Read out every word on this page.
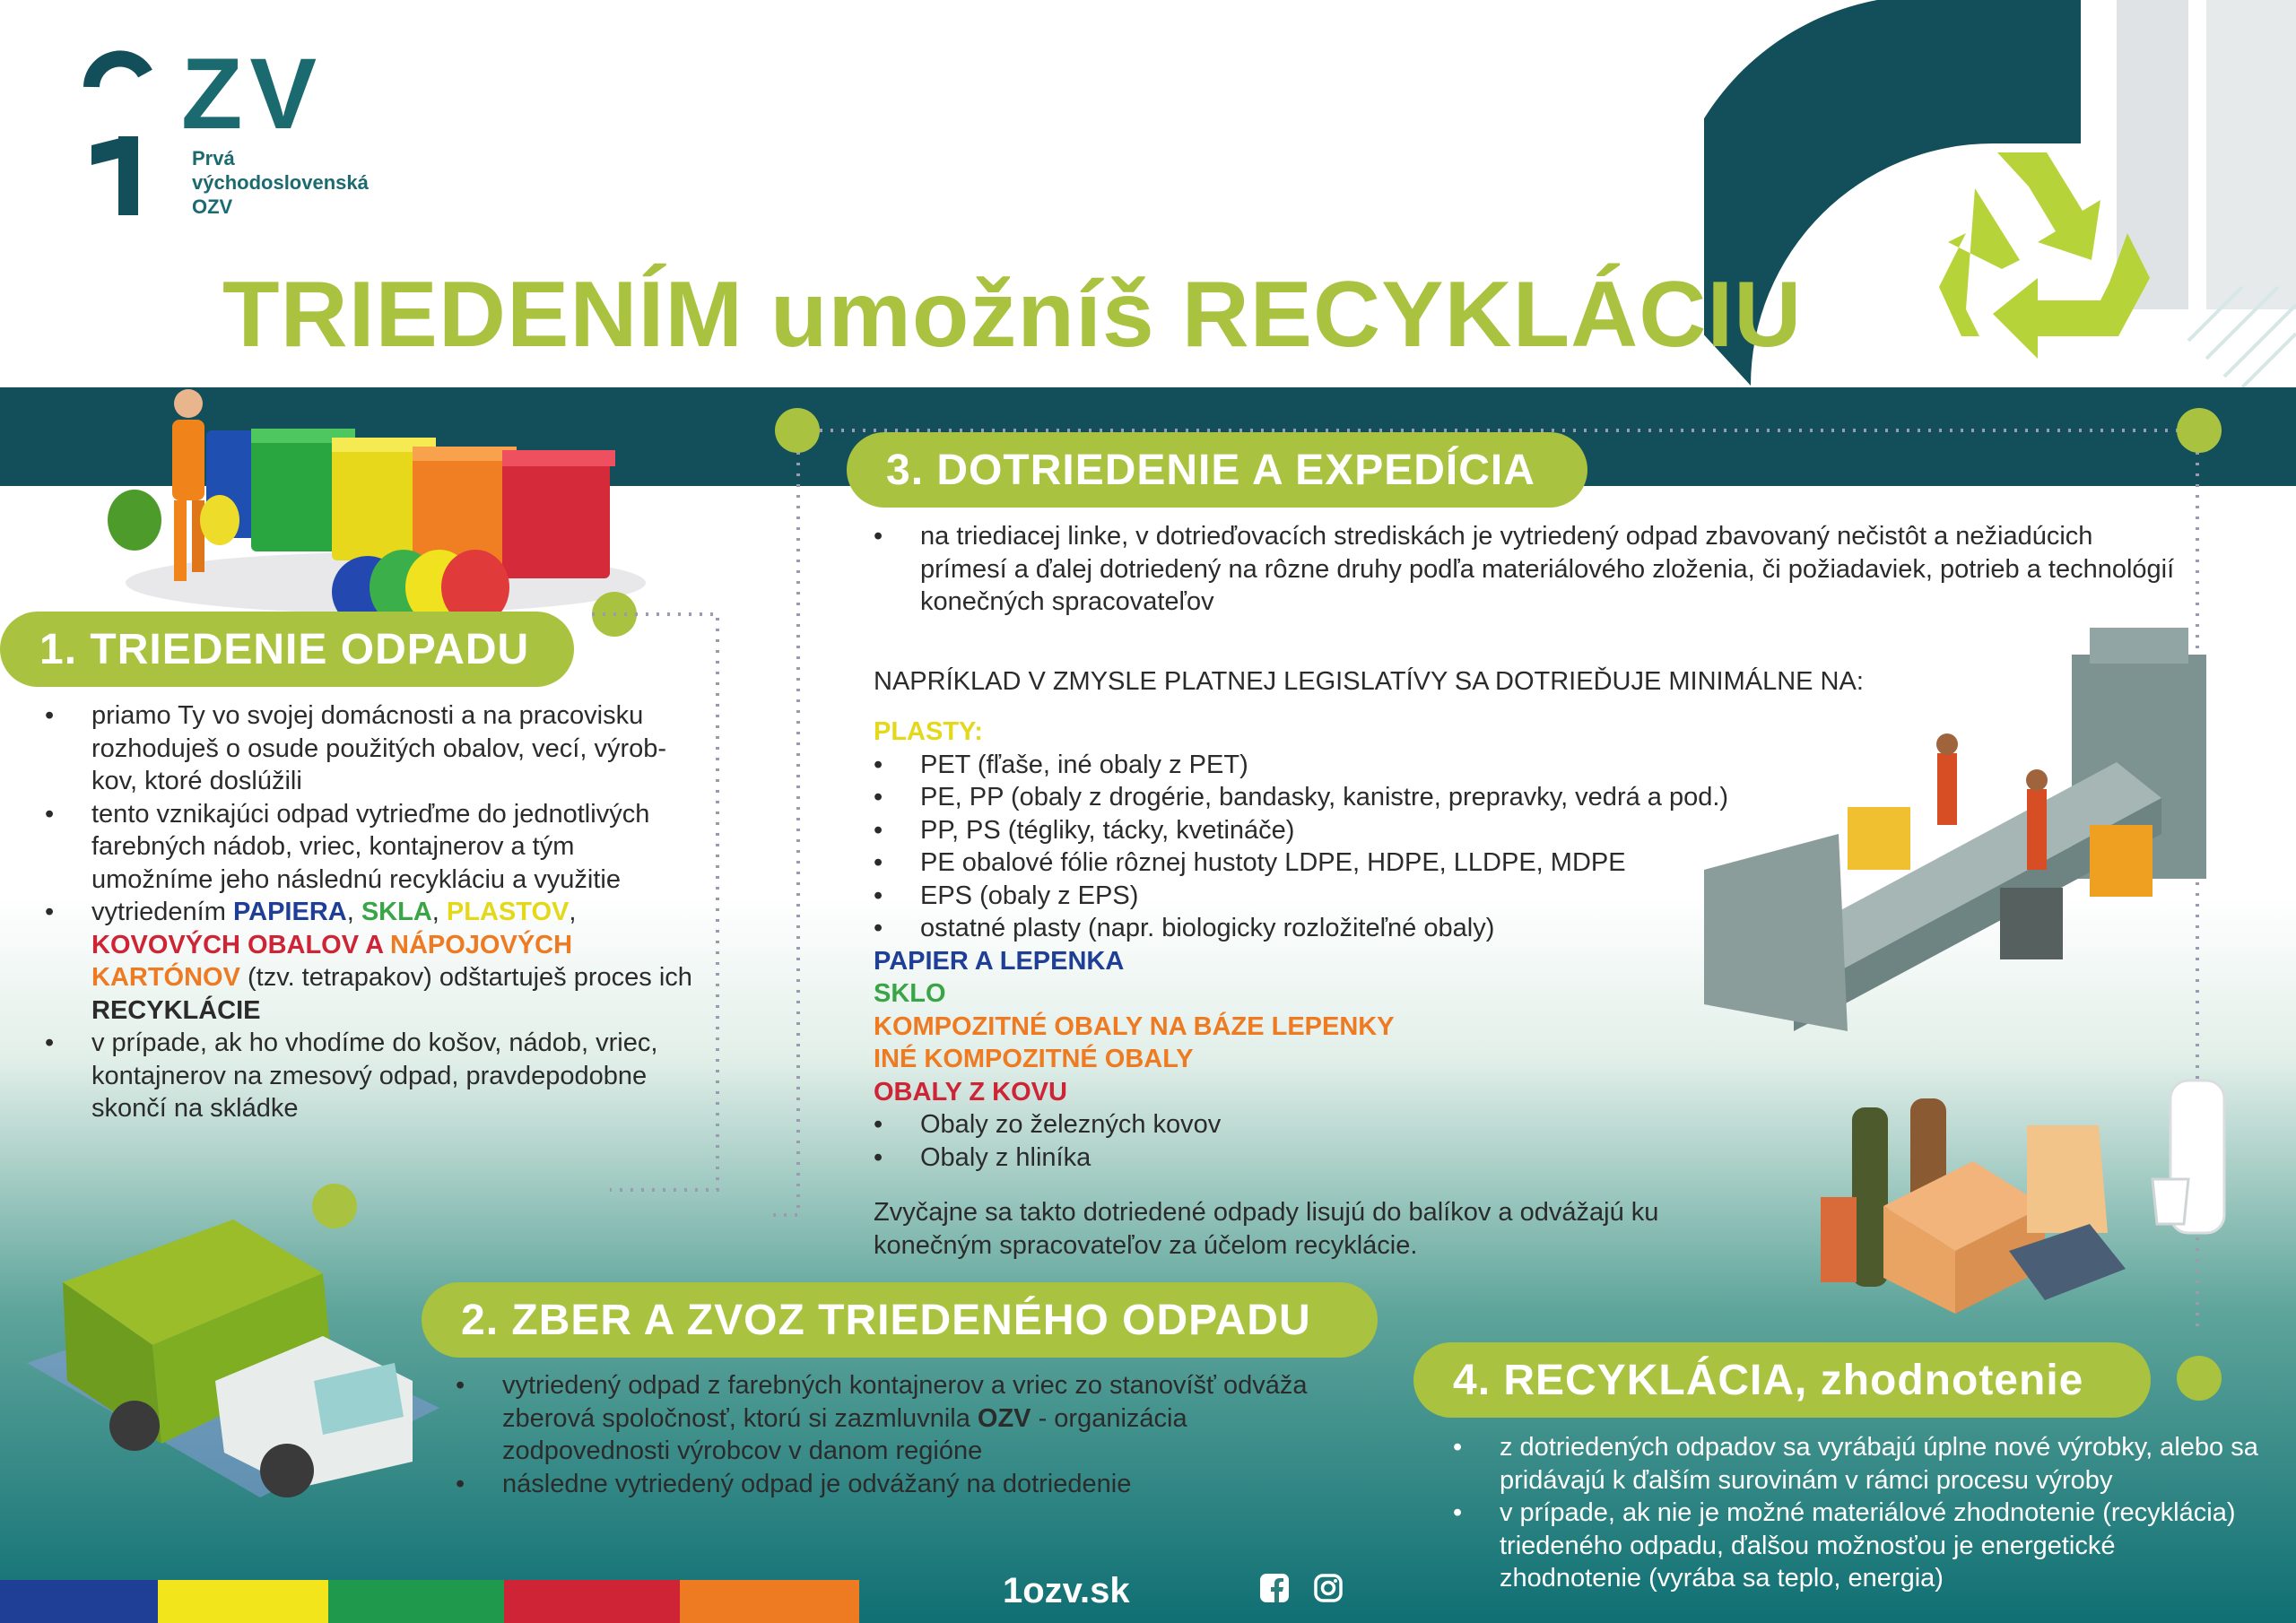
ZV
Prvá
východoslovenská
OZV
TRIEDENÍM umožníš RECYKLÁCIU
1. TRIEDENIE ODPADU

• priamo Ty vo svojej domácnosti a na pracovisku rozhoduješ o osude použitých obalov, vecí, výrob-kov, ktoré doslúžili

• tento vznikajúci odpad vytrieďme do jednotlivých farebných nádob, vriec, kontajnerov a tým umožníme jeho následnú recykláciu a využitie

• vytriedením PAPIERA, SKLA, PLASTOV, KOVOVÝCH OBALOV A NÁPOJOVÝCH KARTÓNOV (tzv. tetrapakov) odštartuješ proces ich RECYKLÁCIE

• v prípade, ak ho vhodíme do košov, nádob, vriec, kontajnerov na zmesový odpad, pravdepodobne skončí na skládke

3. DOTRIEDENIE A EXPEDÍCIA

• na triediacej linke, v dotrieďovacích strediskách je vytriedený odpad zbavovaný nečistôt a nežiadúcich prímesí a ďalej dotriedený na rôzne druhy podľa materiálového zloženia, či požiadaviek, potrieb a technológií konečných spracovateľov

NAPRÍKLAD V ZMYSLE PLATNEJ LEGISLATÍVY SA DOTRIEĎUJE MINIMÁLNE NA:

PLASTY:

• PET (fľaše, iné obaly z PET)

• PE, PP (obaly z drogérie, bandasky, kanistre, prepravky, vedrá a pod.)

• PP, PS (tégliky, tácky, kvetináče)

• PE obalové fólie rôznej hustoty LDPE, HDPE, LLDPE, MDPE

• EPS (obaly z EPS)

• ostatné plasty (napr. biologicky rozložiteľné obaly)

PAPIER A LEPENKA

SKLO

KOMPOZITNÉ OBALY NA BÁZE LEPENKY

INÉ KOMPOZITNÉ OBALY

OBALY Z KOVU

• Obaly zo železných kovov

• Obaly z hliníka

Zvyčajne sa takto dotriedené odpady lisujú do balíkov a odvážajú ku konečným spracovateľov za účelom recyklácie.
2. ZBER A ZVOZ TRIEDENÉHO ODPADU

• vytriedený odpad z farebných kontajnerov a vriec zo stanovíšť odváža zberová spoločnosť, ktorú si zazmluvnila OZV - organizácia zodpovednosti výrobcov v danom regióne

• následne vytriedený odpad je odvážaný na dotriedenie

4. RECYKLÁCIA, zhodnotenie

• z dotriedených odpadov sa vyrábajú úplne nové výrobky, alebo sa pridávajú k ďalším surovinám v rámci procesu výroby

• v prípade, ak nie je možné materiálové zhodnotenie (recyklácia) triedeného odpadu, ďalšou možnosťou je energetické zhodnotenie (vyrába sa teplo, energia)

1ozv.sk
